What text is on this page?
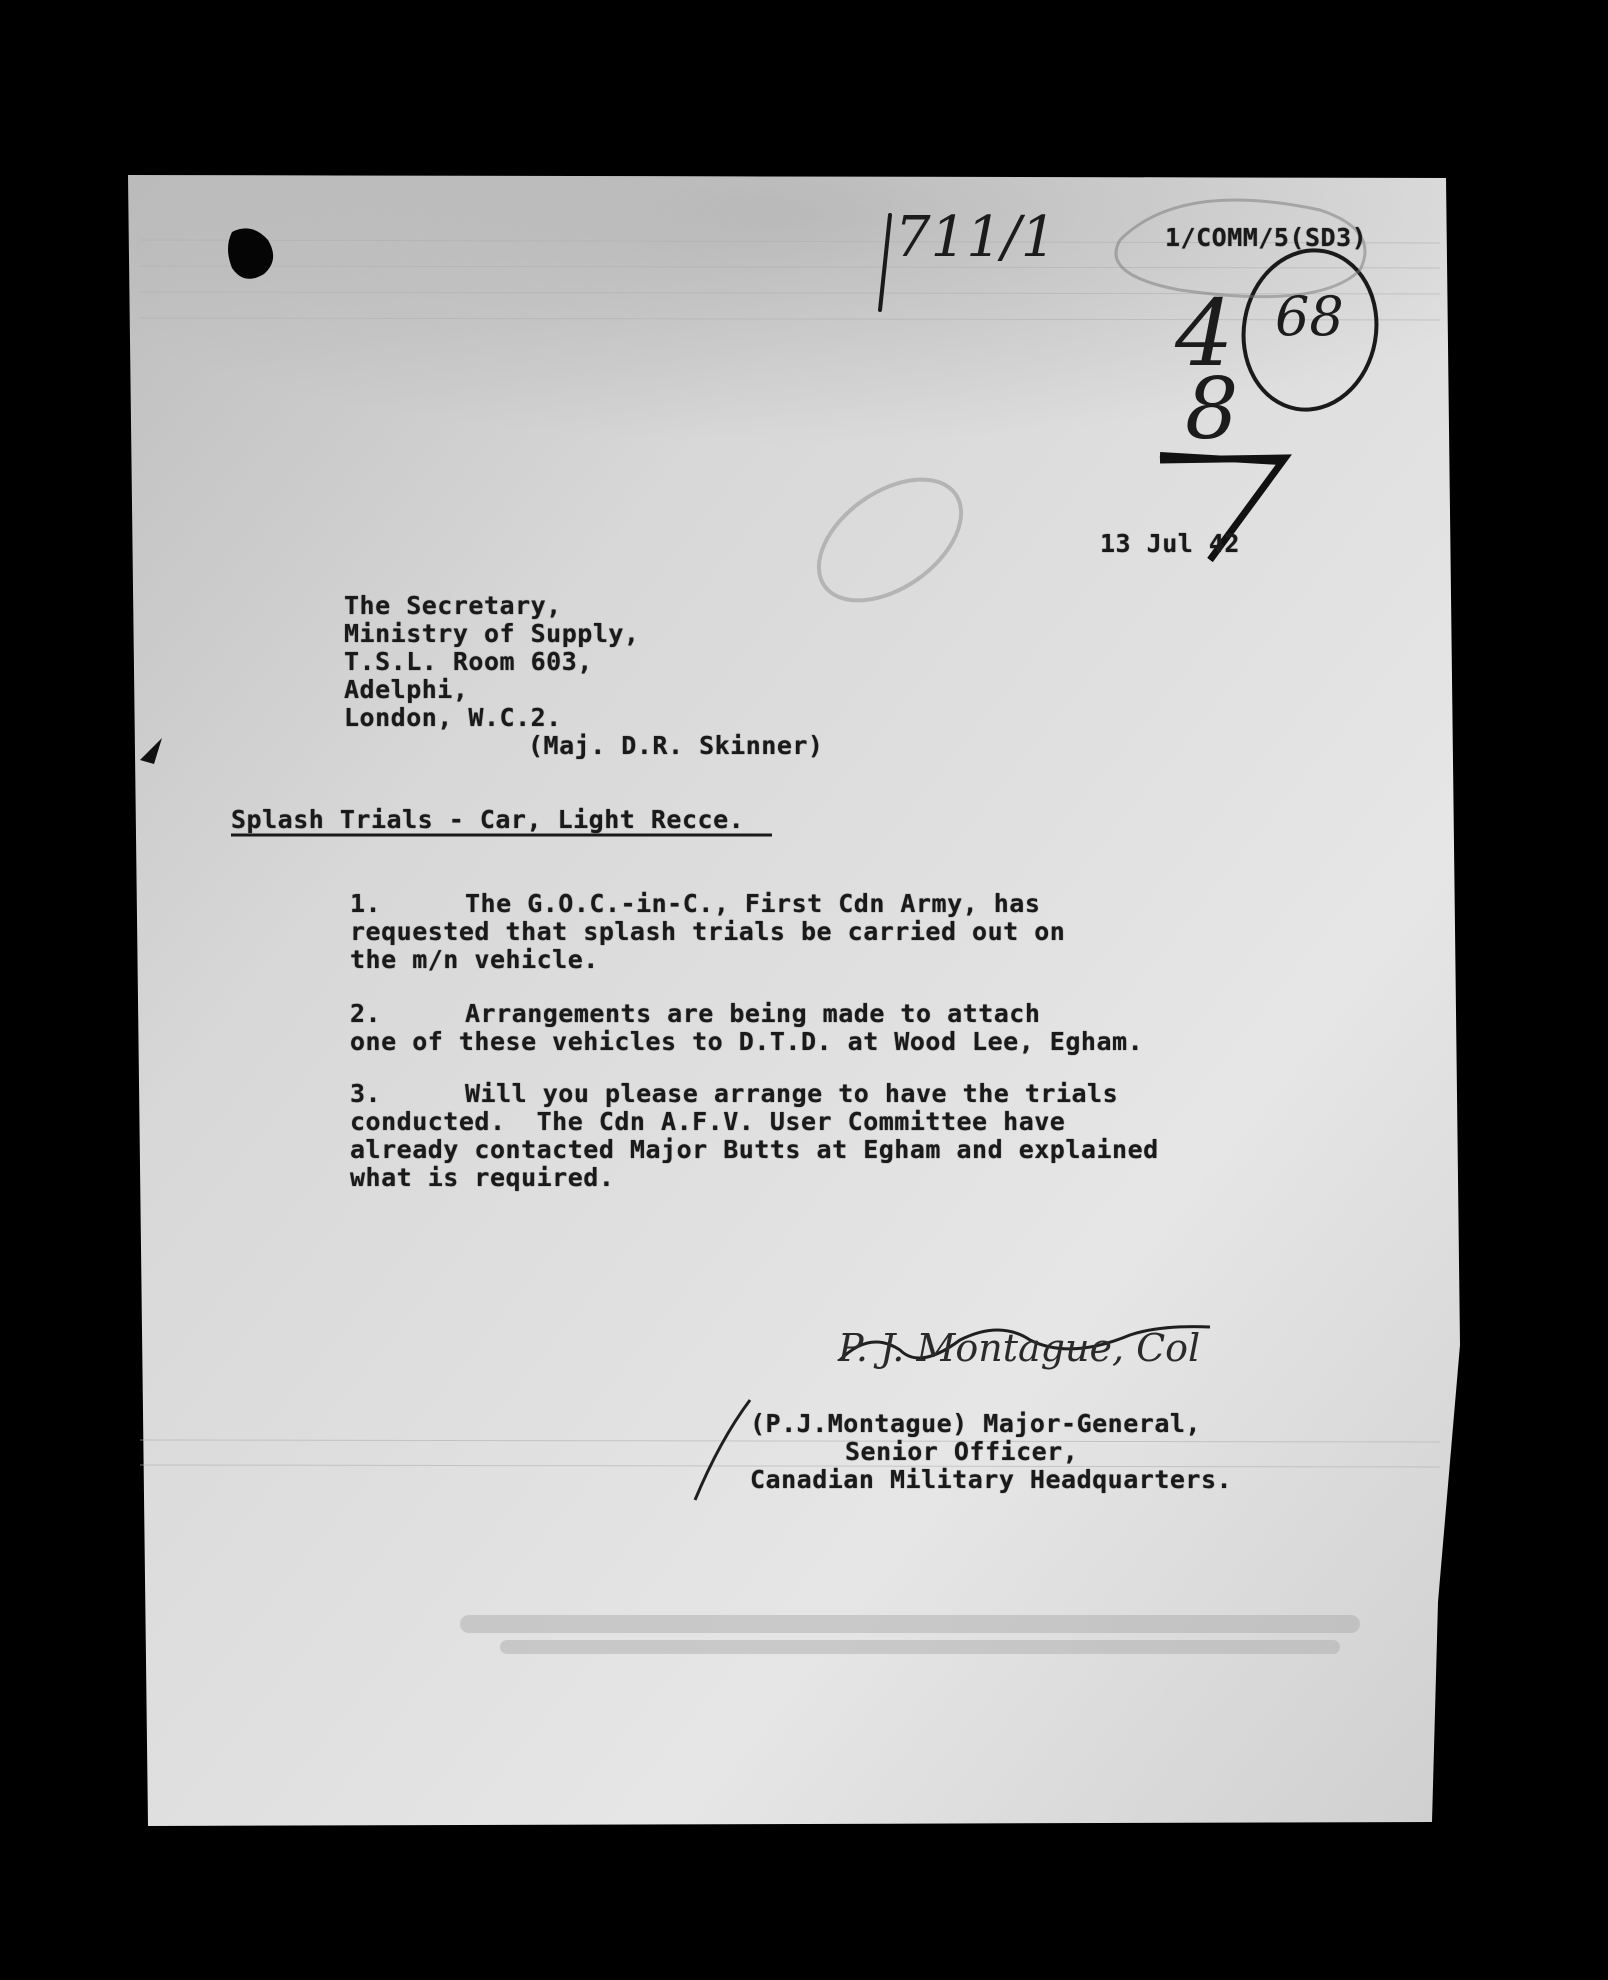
711/1	1/COMM/5(SD3)
4 68
8
13 Jul 42
The Secretary,
Ministry of Supply,
T.S.L. Room 603,
Adelphi,
London, W.C.2.
(Maj. D.R. Skinner)
Splash Trials - Car, Light Recce.
1.	The G.O.C.-in-C., First Cdn Army, has
requested that splash trials be carried out on
the m/n vehicle.
2.	Arrangements are being made to attach
one of these vehicles to D.T.D. at Wood Lee, Egham.
3.	Will you please arrange to have the trials
conducted.  The Cdn A.F.V. User Committee have
already contacted Major Butts at Egham and explained
what is required.
P. J. Montague, Col
(P.J.Montague) Major-General,
Senior Officer,
Canadian Military Headquarters.
